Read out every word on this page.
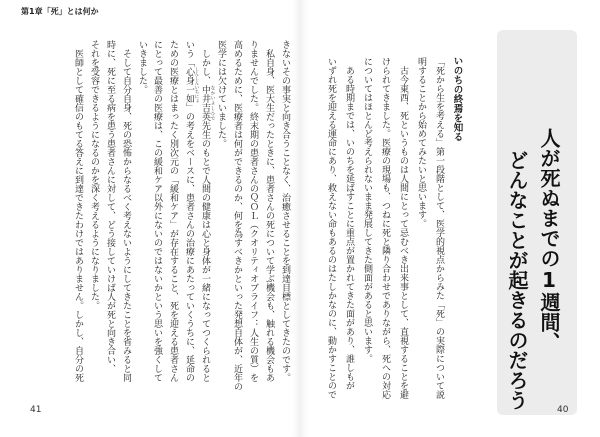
第1章「死」とは何か
きないその事実と向き合うことなく、治癒させることを到達目標としてきたのです。
私自身、医大生だったときに、患者さんの死について学ぶ機会も、触れる機会もあ
りませんでした。終末期の患者さんのＱＯＬ（クオリティオブライフ：人生の質）を
高めるために、医療者は何ができるのか、何を為すべきかといった発想自体が、近年の
医学には欠けていました。
しかし、中井吉英 なかいよしひで先生のもとで人間の健康は心と身体が一緒になってつくられると
いう「心身一如 しんしんいちにょ」の考えをベースに、患者さんの治療にあたっていくうちに、延命の
ための医療とはまったく別次元の「緩和ケア」が存在すること、死を迎える患者さん
にとって最善の医療は、この緩和ケア以外にないのではないかという思いを強くして
いきました。
そして自分自身、死の恐怖からなるべく考えないようにしてきたことを省みると同
時に、死に至る病を患う患者さんに対して、どう接していけば人が死と向き合い、
それを受容できるようになるのかを深く考えるようになりました。
医師として確信のもてる答えに到達できたわけではありません。しかし、自分の死
41
人が死ぬまでの1週間、
どんなことが起きるのだろう
いのちの終焉を知る
「死から生を考える」第一段階として、医学的視点からみた「死」の実際について説
明することから始めてみたいと思います。
古今東西、死というものは人間にとって忌むべき出来事として、直視することを避
けられてきました。医療の現場も、つねに死と隣り合わせでありながら、死への対応
についてはほとんど考えられないまま発展してきた側面があると思います。
ある時期までは、いのちを延ばすことに重点が置かれてきた面があり、誰しもが
いずれ死を迎える運命にあり、救えない命もあるのはたしかなのに、動かすことので
40
